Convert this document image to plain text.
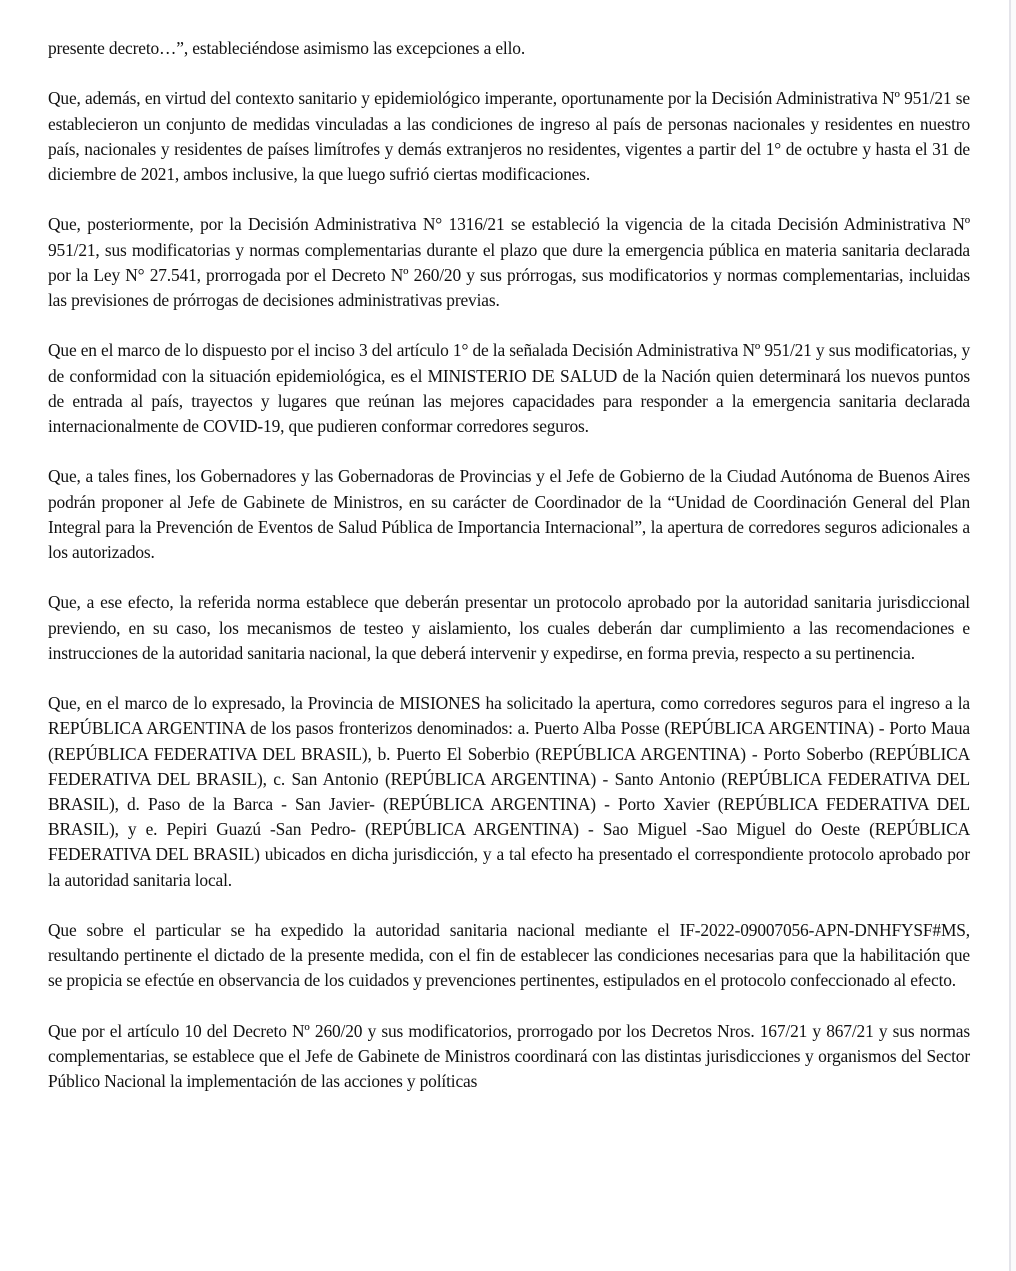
presente decreto…”, estableciéndose asimismo las excepciones a ello.

Que, además, en virtud del contexto sanitario y epidemiológico imperante, oportunamente por la Decisión Administrativa Nº 951/21 se establecieron un conjunto de medidas vinculadas a las condiciones de ingreso al país de personas nacionales y residentes en nuestro país, nacionales y residentes de países limítrofes y demás extranjeros no residentes, vigentes a partir del 1° de octubre y hasta el 31 de diciembre de 2021, ambos inclusive, la que luego sufrió ciertas modificaciones.

Que, posteriormente, por la Decisión Administrativa N° 1316/21 se estableció la vigencia de la citada Decisión Administrativa Nº 951/21, sus modificatorias y normas complementarias durante el plazo que dure la emergencia pública en materia sanitaria declarada por la Ley N° 27.541, prorrogada por el Decreto Nº 260/20 y sus prórrogas, sus modificatorios y normas complementarias, incluidas las previsiones de prórrogas de decisiones administrativas previas.

Que en el marco de lo dispuesto por el inciso 3 del artículo 1° de la señalada Decisión Administrativa Nº 951/21 y sus modificatorias, y de conformidad con la situación epidemiológica, es el MINISTERIO DE SALUD de la Nación quien determinará los nuevos puntos de entrada al país, trayectos y lugares que reúnan las mejores capacidades para responder a la emergencia sanitaria declarada internacionalmente de COVID-19, que pudieren conformar corredores seguros.

Que, a tales fines, los Gobernadores y las Gobernadoras de Provincias y el Jefe de Gobierno de la Ciudad Autónoma de Buenos Aires podrán proponer al Jefe de Gabinete de Ministros, en su carácter de Coordinador de la “Unidad de Coordinación General del Plan Integral para la Prevención de Eventos de Salud Pública de Importancia Internacional”, la apertura de corredores seguros adicionales a los autorizados.

Que, a ese efecto, la referida norma establece que deberán presentar un protocolo aprobado por la autoridad sanitaria jurisdiccional previendo, en su caso, los mecanismos de testeo y aislamiento, los cuales deberán dar cumplimiento a las recomendaciones e instrucciones de la autoridad sanitaria nacional, la que deberá intervenir y expedirse, en forma previa, respecto a su pertinencia.

Que, en el marco de lo expresado, la Provincia de MISIONES ha solicitado la apertura, como corredores seguros para el ingreso a la REPÚBLICA ARGENTINA de los pasos fronterizos denominados: a. Puerto Alba Posse (REPÚBLICA ARGENTINA) - Porto Maua (REPÚBLICA FEDERATIVA DEL BRASIL), b. Puerto El Soberbio (REPÚBLICA ARGENTINA) - Porto Soberbo (REPÚBLICA FEDERATIVA DEL BRASIL), c. San Antonio (REPÚBLICA ARGENTINA) - Santo Antonio (REPÚBLICA FEDERATIVA DEL BRASIL), d. Paso de la Barca - San Javier- (REPÚBLICA ARGENTINA) - Porto Xavier (REPÚBLICA FEDERATIVA DEL BRASIL), y e. Pepiri Guazú -San Pedro- (REPÚBLICA ARGENTINA) - Sao Miguel -Sao Miguel do Oeste (REPÚBLICA FEDERATIVA DEL BRASIL) ubicados en dicha jurisdicción, y a tal efecto ha presentado el correspondiente protocolo aprobado por la autoridad sanitaria local.

Que sobre el particular se ha expedido la autoridad sanitaria nacional mediante el IF-2022-09007056-APN-DNHFYSF#MS, resultando pertinente el dictado de la presente medida, con el fin de establecer las condiciones necesarias para que la habilitación que se propicia se efectúe en observancia de los cuidados y prevenciones pertinentes, estipulados en el protocolo confeccionado al efecto.

Que por el artículo 10 del Decreto Nº 260/20 y sus modificatorios, prorrogado por los Decretos Nros. 167/21 y 867/21 y sus normas complementarias, se establece que el Jefe de Gabinete de Ministros coordinará con las distintas jurisdicciones y organismos del Sector Público Nacional la implementación de las acciones y políticas
